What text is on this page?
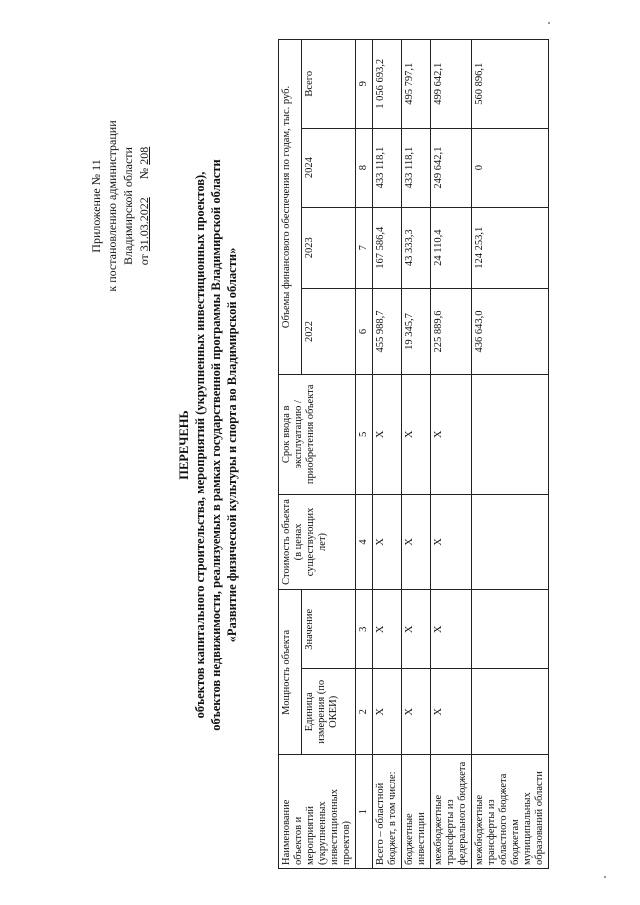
Приложение № 11 к постановлению администрации Владимирской области от 31.03.2022      № 208
ПЕРЕЧЕНЬ объектов капитального строительства, мероприятий (укрупненных инвестиционных проектов), объектов недвижимости, реализуемых в рамках государственной программы Владимирской области «Развитие физической культуры и спорта во Владимирской области»
Наименование объектов и мероприятий (укрупненных инвестиционных проектов)	Мощность объекта		Стоимость объекта (в ценах существующих лет)	Срок ввода в эксплуатацию / приобретения объекта	Объемы финансового обеспечения по годам, тыс. руб.			
	Единица измерения (по ОКЕИ)	Значение			2022	2023	2024	Всего
1	2	3	4	5	6	7	8	9
Всего – областной бюджет, в том числе:	Х	Х	Х	Х	455 988,7	167 586,4	433 118,1	1 056 693,2
бюджетные инвестиции	Х	Х	Х	Х	19 345,7	43 333,3	433 118,1	495 797,1
межбюджетные трансферты из федерального бюджета	Х	Х	Х	Х	225 889,6	24 110,4	249 642,1	499 642,1
межбюджетные трансферты из областного бюджета бюджетам муниципальных образований области					436 643,0	124 253,1	0	560 896,1
